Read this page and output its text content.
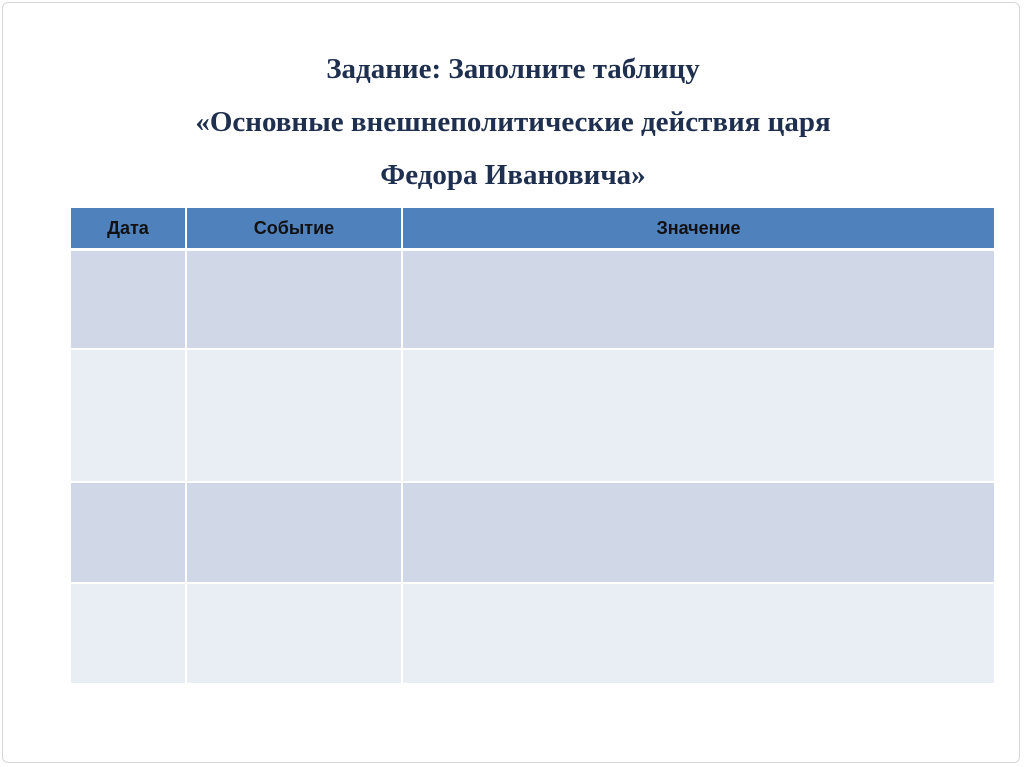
Задание: Заполните таблицу
«Основные внешнеполитические действия царя
Федора Ивановича»
Дата	Событие	Значение
